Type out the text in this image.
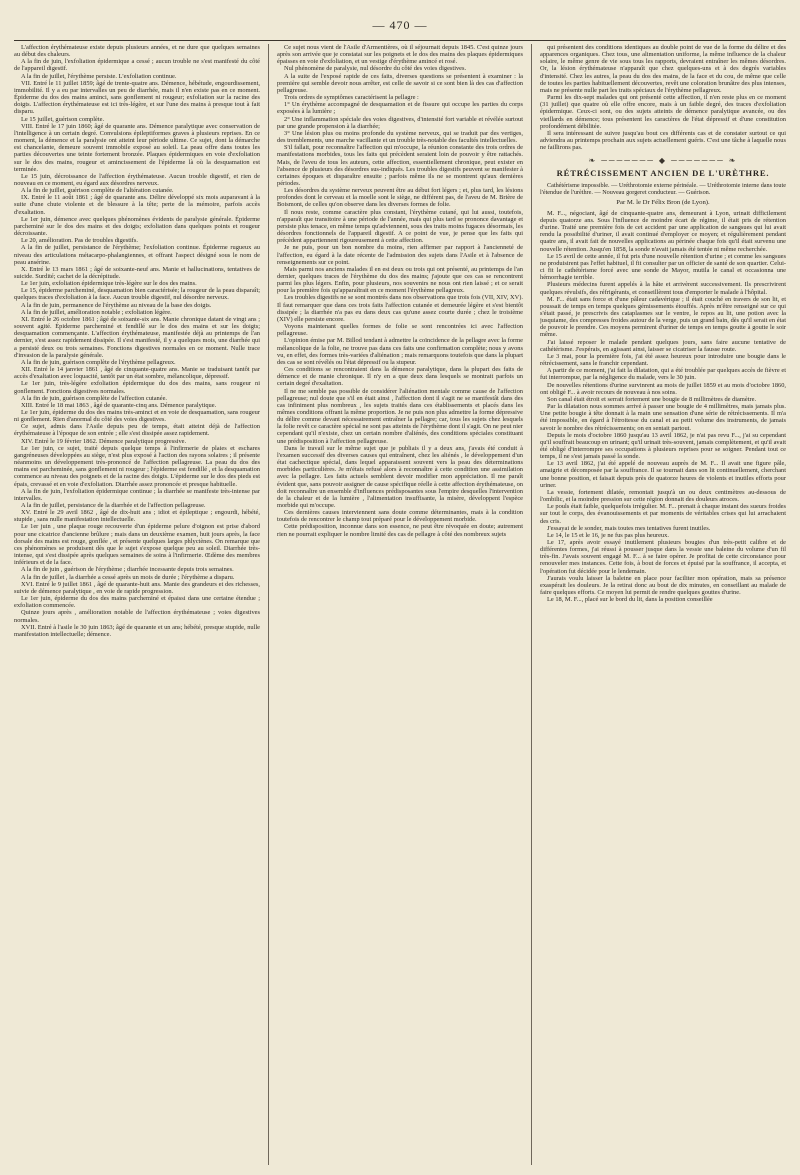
— 470 —

L'affection érythémateuse existe depuis plusieurs années, et ne dure que quelques semaines au début des chaleurs.

A la fin de juin, l'exfoliation épidermique a cessé ; aucun trouble ne s'est manifesté du côté de l'appareil digestif.

A la fin de juillet, l'érythème persiste. L'exfoliation continue.

VII. Entré le 11 juillet 1859; âgé de trente-quatre ans. Démence, hébétude, engourdissement, immobilité. Il y a eu par intervalles un peu de diarrhée, mais il n'en existe pas en ce moment. Épiderme du dos des mains aminci, sans gonflement ni rougeur; exfoliation sur la racine des doigts. L'affection érythémateuse est ici très-légère, et sur l'une des mains à presque tout à fait disparu.

Le 15 juillet, guérison complète.

VIII. Entré le 17 juin 1860; âgé de quarante ans. Démence paralytique avec conservation de l'intelligence à un certain degré. Convulsions épileptiformes graves à plusieurs reprises. En ce moment, la démence et la paralysie ont atteint leur période ultime. Ce sujet, dont la démarche est chancelante, demeure souvent immobile exposé au soleil. La peau offre dans toutes les parties découvertes une teinte fortement bronzée. Plaques épidermiques en voie d'exfoliation sur le dos des mains, rougeur et amincissement de l'épiderme là où la desquamation est terminée.

Le 15 juin, décroissance de l'affection érythémateuse. Aucun trouble digestif, et rien de nouveau en ce moment, eu égard aux désordres nerveux.

A la fin de juillet, guérison complète de l'altération cutanée.

IX. Entré le 11 août 1861 ; âgé de quarante ans. Délire développé six mois auparavant à la suite d'une chute violente et de blessure à la tête; perte de la mémoire, parfois accès d'exaltation.

Le 1er juin, démence avec quelques phénomènes évidents de paralysie générale. Épiderme parcheminé sur le dos des mains et des doigts; exfoliation dans quelques points et rougeur décroissante.

Le 20, amélioration. Pas de troubles digestifs.

A la fin de juillet, persistance de l'érythème; l'exfoliation continue. Épiderme rugueux au niveau des articulations métacarpo-phalangiennes, et offrant l'aspect désigné sous le nom de peau ansérine.

X. Entré le 13 mars 1861 ; âgé de soixante-neuf ans. Manie et hallucinations, tentatives de suicide. Surdité; cachet de la décrépitude.

Le 1er juin, exfoliation épidermique très-légère sur le dos des mains.

Le 15, épiderme parcheminé, desquamation bien caractérisée; la rougeur de la peau disparaît; quelques traces d'exfoliation à la face. Aucun trouble digestif, nul désordre nerveux.

A la fin de juin, permanence de l'érythème au niveau de la base des doigts.

A la fin de juillet, amélioration notable ; exfoliation légère.

XI. Entré le 26 octobre 1861 ; âgé de soixante-six ans. Manie chronique datant de vingt ans ; souvent agité. Épiderme parcheminé et fendillé sur le dos des mains et sur les doigts; desquamation commençante. L'affection érythémateuse, manifestée déjà au printemps de l'an dernier, s'est assez rapidement dissipée. Il s'est manifesté, il y a quelques mois, une diarrhée qui a persisté deux ou trois semaines. Fonctions digestives normales en ce moment. Nulle trace d'invasion de la paralysie générale.

A la fin de juin, guérison complète de l'érythème pellagreux.

XII. Entré le 14 janvier 1861 , âgé de cinquante-quatre ans. Manie se traduisant tantôt par accès d'exaltation avec loquacité, tantôt par un état sombre, mélancolique, dépressif.

Le 1er juin, très-légère exfoliation épidermique du dos des mains, sans rougeur ni gonflement. Fonctions digestives normales.

A la fin de juin, guérison complète de l'affection cutanée.

XIII. Entré le 18 mai 1863 , âgé de quarante-cinq ans. Démence paralytique.

Le 1er juin, épiderme du dos des mains très-aminci et en voie de desquamation, sans rougeur ni gonflement. Rien d'anormal du côté des voies digestives.

Ce sujet, admis dans l'Asile depuis peu de temps, était atteint déjà de l'affection érythémateuse à l'époque de son entrée ; elle s'est dissipée assez rapidement.

XIV. Entré le 19 février 1862. Démence paralytique progressive.

Le 1er juin, ce sujet, traité depuis quelque temps à l'infirmerie de plaies et eschares gangréneuses développées au siège, n'est plus exposé à l'action des rayons solaires ; il présente néanmoins un développement très-prononcé de l'affection pellagreuse. La peau du dos des mains est parcheminée, sans gonflement ni rougeur ; l'épiderme est fendillé , et la desquamation commence au niveau des poignets et de la racine des doigts. L'épiderme sur le dos des pieds est épais, crevassé et en voie d'exfoliation. Diarrhée assez prononcée et presque habituelle.

A la fin de juin, l'exfoliation épidermique continue ; la diarrhée se manifeste très-intense par intervalles.

A la fin de juillet, persistance de la diarrhée et de l'affection pellagreuse.

XV. Entré le 29 avril 1862 , âgé de dix-huit ans ; idiot et épileptique ; engourdi, hébété, stupide , sans nulle manifestation intellectuelle.

Le 1er juin , une plaque rouge recouverte d'un épiderme pelure d'oignon est prise d'abord pour une cicatrice d'ancienne brûlure ; mais dans un deuxième examen, huit jours après, la face dorsale des mains est rouge, gonflée , et présente quelques larges phlyctènes. On remarque que ces phénomènes se produisent dès que le sujet s'expose quelque peu au soleil. Diarrhée très-intense, qui s'est dissipée après quelques semaines de soins à l'infirmerie. Œdème des membres inférieurs et de la face.

A la fin de juin , guérison de l'érythème ; diarrhée incessante depuis trois semaines.

A la fin de juillet , la diarrhée a cessé après un mois de durée ; l'érythème a disparu.

XVI. Entré le 9 juillet 1861 , âgé de quarante-huit ans. Manie des grandeurs et des richesses, suivie de démence paralytique , en voie de rapide progression.

Le 1er juin, épiderme du dos des mains parcheminé et épaissi dans une certaine étendue ; exfoliation commencée.

Quinze jours après , amélioration notable de l'affection érythémateuse ; voies digestives normales.

XVII. Entré à l'asile le 30 juin 1863; âgé de quarante et un ans; hébété, presque stupide, nulle manifestation intellectuelle; démence.

Ce sujet nous vient de l'Asile d'Armentières, où il séjournait depuis 1845. C'est quinze jours après son arrivée que je constatai sur les poignets et le dos des mains des plaques épidermiques épaisses en voie d'exfoliation, et un vestige d'érythème amincé et rosé.

Nul phénomène de paralysie, nul désordre du côté des voies digestives.

A la suite de l'exposé rapide de ces faits, diverses questions se présentent à examiner : la première qui semble devoir nous arrêter, est celle de savoir si ce sont bien là des cas d'affection pellagreuse.

Trois ordres de symptômes caractérisent la pellagre :

1° Un érythème accompagné de desquamation et de fissure qui occupe les parties du corps exposées à la lumière ;

2° Une inflammation spéciale des voies digestives, d'intensité fort variable et révélée surtout par une grande propension à la diarrhée;

3° Une lésion plus ou moins profonde du système nerveux, qui se traduit par des vertiges, des tremblements, une marche vacillante et un trouble très-notable des facultés intellectuelles.

S'il fallait, pour reconnaître l'affection qui m'occupe, la réunion constante des trois ordres de manifestations morbides, tous les faits qui précèdent seraient loin de pouvoir y être rattachés. Mais, de l'aveu de tous les auteurs, cette affection, essentiellement chronique, peut exister en l'absence de plusieurs des désordres sus-indiqués. Les troubles digestifs peuvent se manifester à certaines époques et disparaître ensuite ; parfois même ils ne se montrent qu'aux dernières périodes.

Les désordres du système nerveux peuvent être au début fort légers ; et, plus tard, les lésions profondes dont le cerveau et la moelle sont le siège, ne différent pas, de l'aveu de M. Brière de Boismont, de celles qu'on observe dans les diverses formes de folie.

Il nous reste, comme caractère plus constant, l'érythème cutané, qui lui aussi, toutefois, n'apparaît que transitoire à une période de l'année, mais qui plus tard se prononce davantage et persiste plus tenace, en même temps qu'adviennent, sous des traits moins fugaces désormais, les désordres fonctionnels de l'appareil digestif. A ce point de vue, je pense que les faits qui précèdent appartiennent rigoureusement à cette affection.

Je ne puis, pour un bon nombre du moins, rien affirmer par rapport à l'ancienneté de l'affection, eu égard à la date récente de l'admission des sujets dans l'Asile et à l'absence de renseignements sur ce point.

Mais parmi nos anciens malades il en est deux ou trois qui ont présenté, au printemps de l'an dernier, quelques traces de l'érythème du dos des mains; j'ajoute que ces cas se rencontrent parmi les plus légers. Enfin, pour plusieurs, nos souvenirs ne nous ont rien laissé ; et ce serait pour la première fois qu'apparaîtrait en ce moment l'érythème pellagreux.

Les troubles digestifs ne se sont montrés dans nos observations que trois fois (VII, XIV, XV). Il faut remarquer que dans ces trois faits l'affection cutanée et demeurée légère et s'est bientôt dissipée ; la diarrhée n'a pas eu dans deux cas qu'une assez courte durée ; chez le troisième (XIV) elle persiste encore.

Voyons maintenant quelles formes de folie se sont rencontrées ici avec l'affection pellagreuse.

L'opinion émise par M. Billod tendant à admettre la coïncidence de la pellagre avec la forme mélancolique de la folie, ne trouve pas dans ces faits une confirmation complète; nous y avons vu, en effet, des formes très-variées d'aliénation ; mais remarquons toutefois que dans la plupart des cas se sont révélés ou l'état dépressif ou la stupeur.

Ces conditions se rencontraient dans la démence paralytique, dans la plupart des faits de démence et de manie chronique. Il n'y en a que deux dans lesquels se montrait parfois un certain degré d'exaltation.

Il ne me semble pas possible de considérer l'aliénation mentale comme cause de l'affection pellagreuse; nul doute que s'il en était ainsi , l'affection dont il s'agit ne se manifestât dans des cas infiniment plus nombreux , les sujets traités dans ces établissements et placés dans les mêmes conditions offrant la même proportion. Je ne puis non plus admettre la forme dépressive du délire comme devant nécessairement entraîner la pellagre; car, tous les sujets chez lesquels la folie revêt ce caractère spécial ne sont pas atteints de l'érythème dont il s'agit. On ne peut nier cependant qu'il n'existe, chez un certain nombre d'aliénés, des conditions spéciales constituant une prédisposition à l'affection pellagreuse.

Dans le travail sur le même sujet que je publiais il y a deux ans, j'avais été conduit à l'examen successif des diverses causes qui entraînent, chez les aliénés , le développement d'un état cachectique spécial, dans lequel apparaissent souvent vers la peau des déterminations morbides particulières. Je m'étais refusé alors à reconnaître à cette condition une assimilation avec la pellagre. Les faits actuels semblent devoir modifier mon appréciation. Il me paraît évident que, sans pouvoir assigner de cause spécifique réelle à cette affection érythémateuse, on doit reconnaître un ensemble d'influences prédisposantes sous l'empire desquelles l'intervention de la chaleur et de la lumière , l'alimentation insuffisante, la misère, développent l'espèce morbide qui m'occupe.

Ces dernières causes interviennent sans doute comme déterminantes, mais à la condition toutefois de rencontrer le champ tout préparé pour le développement morbide.

Cette prédisposition, inconnue dans son essence, ne peut être révoquée en doute; autrement rien ne pourrait expliquer le nombre limité des cas de pellagre à côté des nombreux sujets

qui présentent des conditions identiques au double point de vue de la forme du délire et des apparences organiques. Chez tous, une alimentation uniforme, la même influence de la chaleur solaire, le même genre de vie sous tous les rapports, devraient entraîner les mêmes désordres. Or, la lésion érythémateuse n'apparaît que chez quelques-uns et à des degrés variables d'intensité. Chez les autres, la peau du dos des mains, de la face et du cou, de même que celle de toutes les parties habituellement découvertes, revêt une coloration brunâtre des plus intenses, mais ne présente nulle part les traits spéciaux de l'érythème pellagreux.

Parmi les dix-sept malades qui ont présenté cette affection, il n'en reste plus en ce moment (31 juillet) que quatre où elle offre encore, mais à un faible degré, des traces d'exfoliation épidermique. Ceux-ci sont, ou des sujets atteints de démence paralytique avancée, ou des vieillards en démence; tous présentent les caractères de l'état dépressif et d'une constitution profondément débilitée.

Il sera intéressant de suivre jusqu'au bout ces différents cas et de constater surtout ce qui adviendra au printemps prochain aux sujets actuellement guéris. C'est une tâche à laquelle nous ne faillirons pas.

❧ ─────── ◆ ─────── ❧
RÉTRÉCISSEMENT ANCIEN DE L'URÈTHRE.

Cathétérisme impossible. — Uréthrotomie externe périnéale. — Uréthrotomie interne dans toute l'étendue de l'urèthre. — Nouveau gorgeret conducteur. — Guérison.

Par M. le Dr Félix Bron (de Lyon).

M. F..., négociant, âgé de cinquante-quatre ans, demeurant à Lyon, urinait difficilement depuis quatorze ans. Sous l'influence de moindre écart de régime, il était pris de rétention d'urine. Traité une première fois de cet accident par une application de sangsues qui lui avait rendu la possibilité d'uriner, il avait continué d'employer ce moyen; et régulièrement pendant quatre ans, il avait fait de nouvelles applications au périnée chaque fois qu'il était survenu une nouvelle rétention. Jusqu'en 1858, la sonde n'avait jamais été tentée ni même recherchée.

Le 15 avril de cette année, il fut pris d'une nouvelle rétention d'urine ; et comme les sangsues ne produisirent pas l'effet habituel, il fit consulter par un officier de santé de son quartier. Celui-ci fit le cathétérisme forcé avec une sonde de Mayor, mutila le canal et occasionna une hémorrhagie terrible.

Plusieurs médecins furent appelés à la hâte et arrivèrent successivement. Ils prescrivirent quelques révulsifs, des réfrigérants, et conseillèrent tous d'emporter le malade à l'hôpital.

M. F... était sans force et d'une pâleur cadavérique ; il était couché en travers de son lit, et poussait de temps en temps quelques gémissements étouffés. Après m'être renseigné sur ce qui s'était passé, je prescrivis des cataplasmes sur le ventre, le repos au lit, une potion avec la jusquiame, des compresses froides autour de la verge, puis un grand bain, dès qu'il serait en état de pouvoir le prendre. Ces moyens permirent d'uriner de temps en temps goutte à goutte le soir même.

J'ai laissé reposer le malade pendant quelques jours, sans faire aucune tentative de cathétérisme. J'espérais, en agissant ainsi, laisser se cicatriser la fausse route.

Le 3 mai, pour la première fois, j'ai été assez heureux pour introduire une bougie dans le rétrécissement, sans le franchir cependant.

A partir de ce moment, j'ai fait la dilatation, qui a été troublée par quelques accès de fièvre et fut interrompue, par la négligence du malade, vers le 30 juin.

De nouvelles rétentions d'urine survinrent au mois de juillet 1859 et au mois d'octobre 1860, ont obligé F... à avoir recours de nouveau à nos soins.

Son canal était étroit et serrait fortement une bougie de 8 millimètres de diamètre.

Par la dilatation nous sommes arrivé à passer une bougie de 4 millimètres, mais jamais plus. Une petite bougie à tête donnait à la main une sensation d'une série de rétrécissements. Il m'a été impossible, en égard à l'étroitesse du canal et au petit volume des instruments, de jamais savoir le nombre des rétrécissements; on en sentait partout.

Depuis le mois d'octobre 1860 jusqu'au 13 avril 1862, je n'ai pas revu F..., j'ai su cependant qu'il souffrait beaucoup en urinant; qu'il urinait très-souvent, jamais complètement, et qu'il avait été obligé d'interrompre ses occupations à plusieurs reprises pour se soigner. Pendant tout ce temps, il ne s'est jamais passé la sonde.

Le 13 avril 1862, j'ai été appelé de nouveau auprès de M. F... Il avait une figure pâle, amaigrie et décomposée par la souffrance. Il se tournait dans son lit continuellement, cherchant une bonne position, et faisait depuis près de quatorze heures de violents et inutiles efforts pour uriner.

La vessie, fortement dilatée, remontait jusqu'à un ou deux centimètres au-dessous de l'ombilic, et la moindre pression sur cette région donnait des douleurs atroces.

Le pouls était faible, quelquefois irrégulier. M. F... prenait à chaque instant des sueurs froides sur tout le corps, des évanouissements et par moments de véritables crises qui lui arrachaient des cris.

J'essayai de le sonder, mais toutes mes tentatives furent inutiles.

Le 14, le 15 et le 16, je ne fus pas plus heureux.

Le 17, après avoir essayé inutilement plusieurs bougies d'un très-petit calibre et de différentes formes, j'ai réussi à pousser jusque dans la vessie une baleine du volume d'un fil très-fin. J'avais souvent engagé M. F... à se faire opérer. Je profitai de cette circonstance pour renouveler mes instances. Cette fois, à bout de forces et épuisé par la souffrance, il accepta, et l'opération fut décidée pour le lendemain.

J'aurais voulu laisser la baleine en place pour faciliter mon opération, mais sa présence exaspérait les douleurs. Je la retirai donc au bout de dix minutes, en conseillant au malade de faire quelques efforts. Ce moyen lui permit de rendre quelques gouttes d'urine.

Le 18, M. F..., placé sur le bord du lit, dans la position conseillée
